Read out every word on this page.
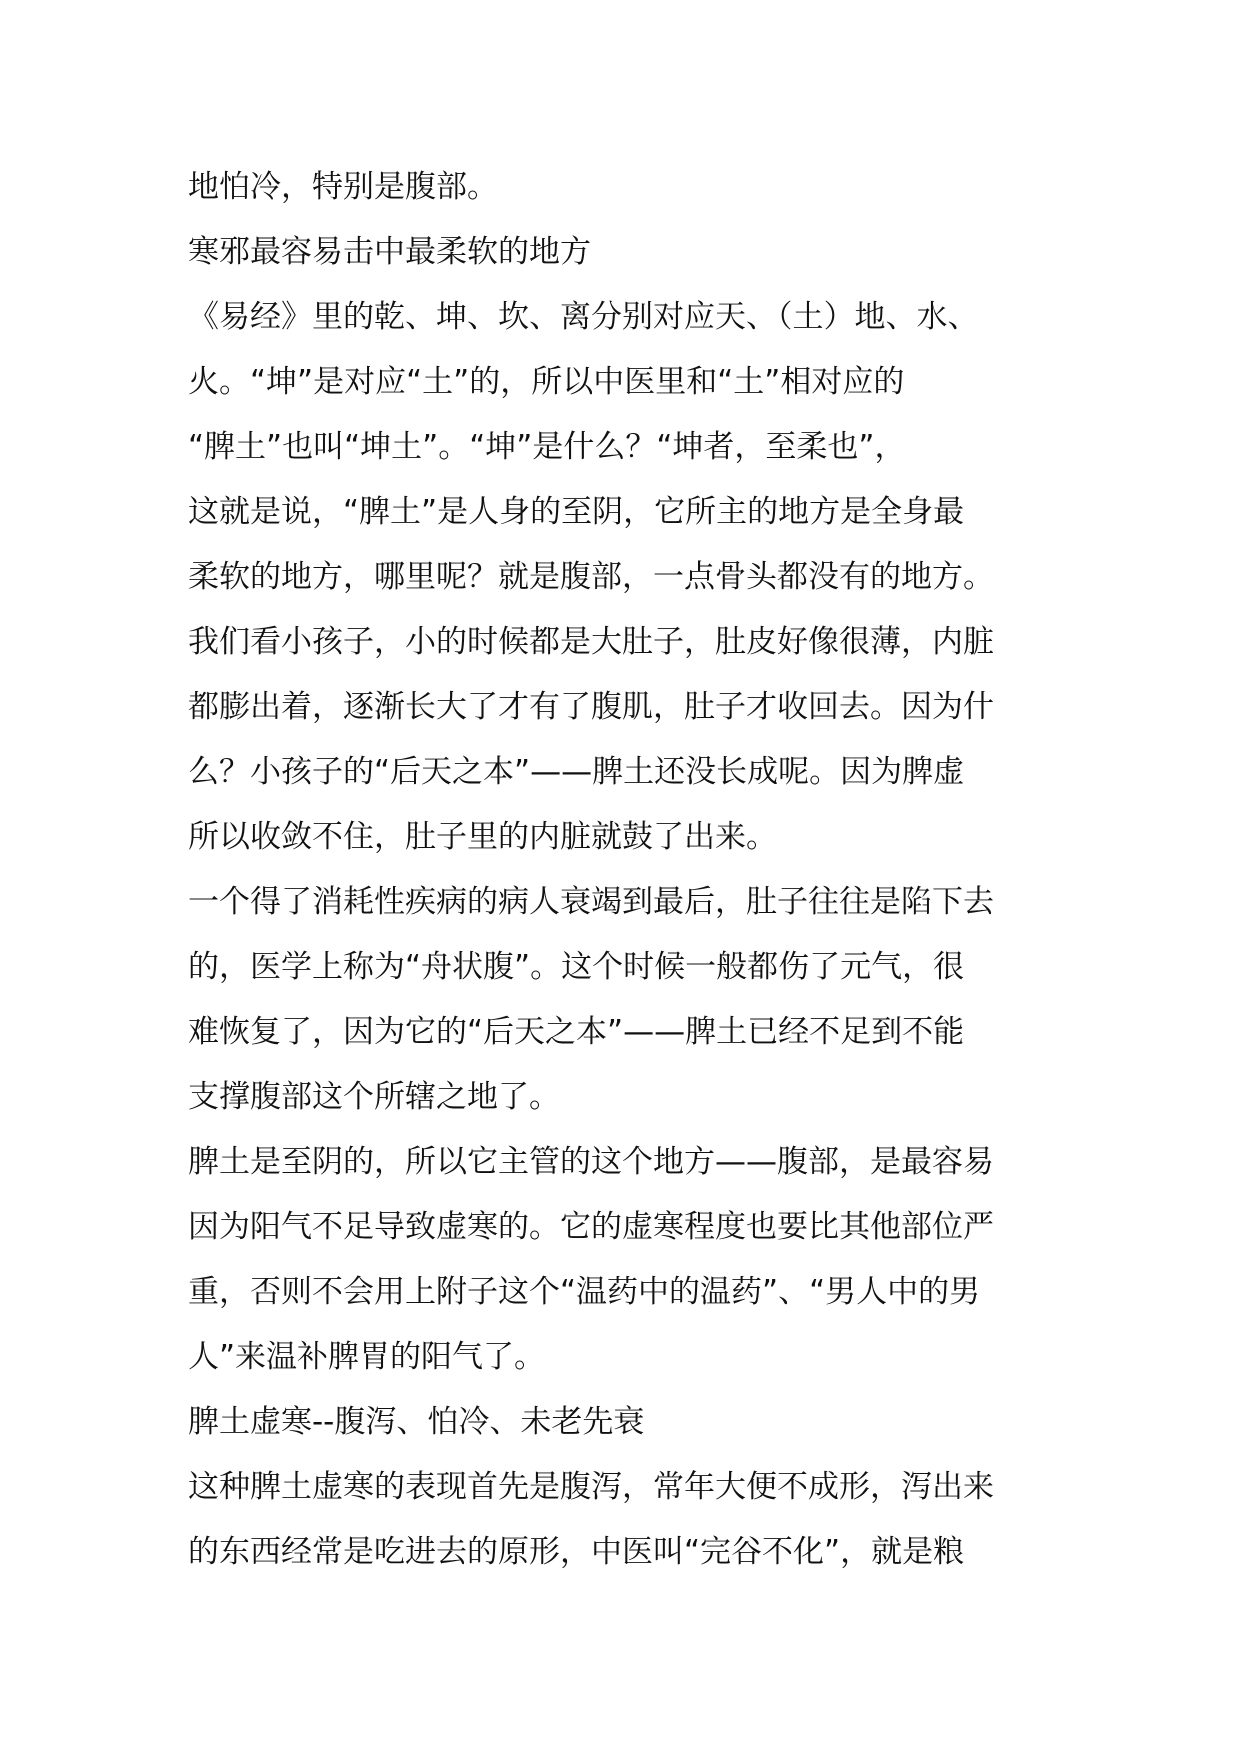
地怕冷，特别是腹部。
寒邪最容易击中最柔软的地方
《易经》里的乾、坤、坎、离分别对应天、（土）地、水、
火。“坤”是对应“土”的，所以中医里和“土”相对应的
“脾土”也叫“坤土”。“坤”是什么？“坤者，至柔也”，
这就是说，“脾土”是人身的至阴，它所主的地方是全身最
柔软的地方，哪里呢？就是腹部，一点骨头都没有的地方。
我们看小孩子，小的时候都是大肚子，肚皮好像很薄，内脏
都膨出着，逐渐长大了才有了腹肌，肚子才收回去。因为什
么？小孩子的“后天之本”——脾土还没长成呢。因为脾虚
所以收敛不住，肚子里的内脏就鼓了出来。
一个得了消耗性疾病的病人衰竭到最后，肚子往往是陷下去
的，医学上称为“舟状腹”。这个时候一般都伤了元气，很
难恢复了，因为它的“后天之本”——脾土已经不足到不能
支撑腹部这个所辖之地了。
脾土是至阴的，所以它主管的这个地方——腹部，是最容易
因为阳气不足导致虚寒的。它的虚寒程度也要比其他部位严
重，否则不会用上附子这个“温药中的温药”、“男人中的男
人”来温补脾胃的阳气了。
脾土虚寒--腹泻、怕冷、未老先衰
这种脾土虚寒的表现首先是腹泻，常年大便不成形，泻出来
的东西经常是吃进去的原形，中医叫“完谷不化”，就是粮
